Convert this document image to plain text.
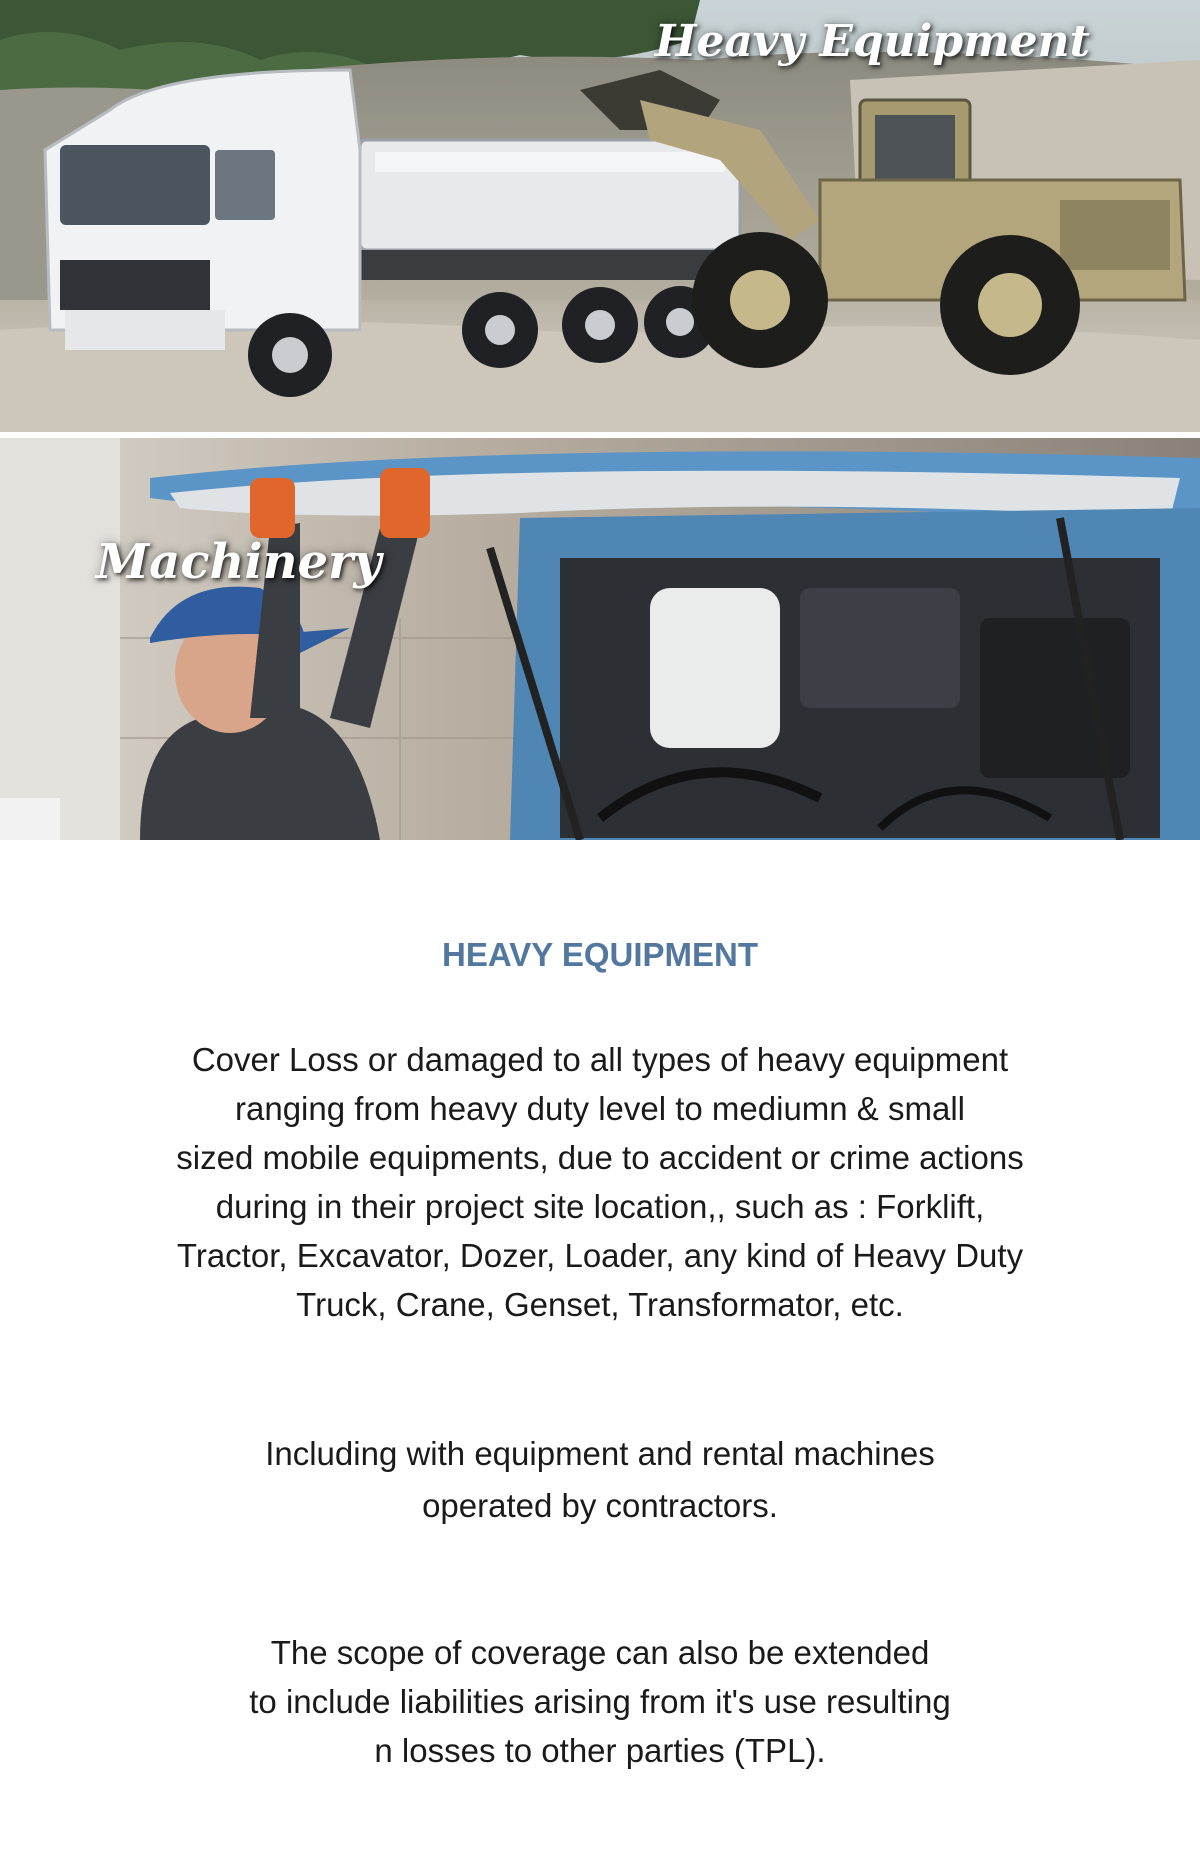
Heavy Equipment
Machinery
HEAVY EQUIPMENT

Cover Loss or damaged to all types of heavy equipment
ranging from heavy duty level to mediumn & small
sized mobile equipments, due to accident or crime actions
during in their project site location,, such as : Forklift,
Tractor, Excavator, Dozer, Loader, any kind of Heavy Duty
Truck, Crane, Genset, Transformator, etc.

Including with equipment and rental machines
operated by contractors.

The scope of coverage can also be extended
to include liabilities arising from it's use resulting
n losses to other parties (TPL).
